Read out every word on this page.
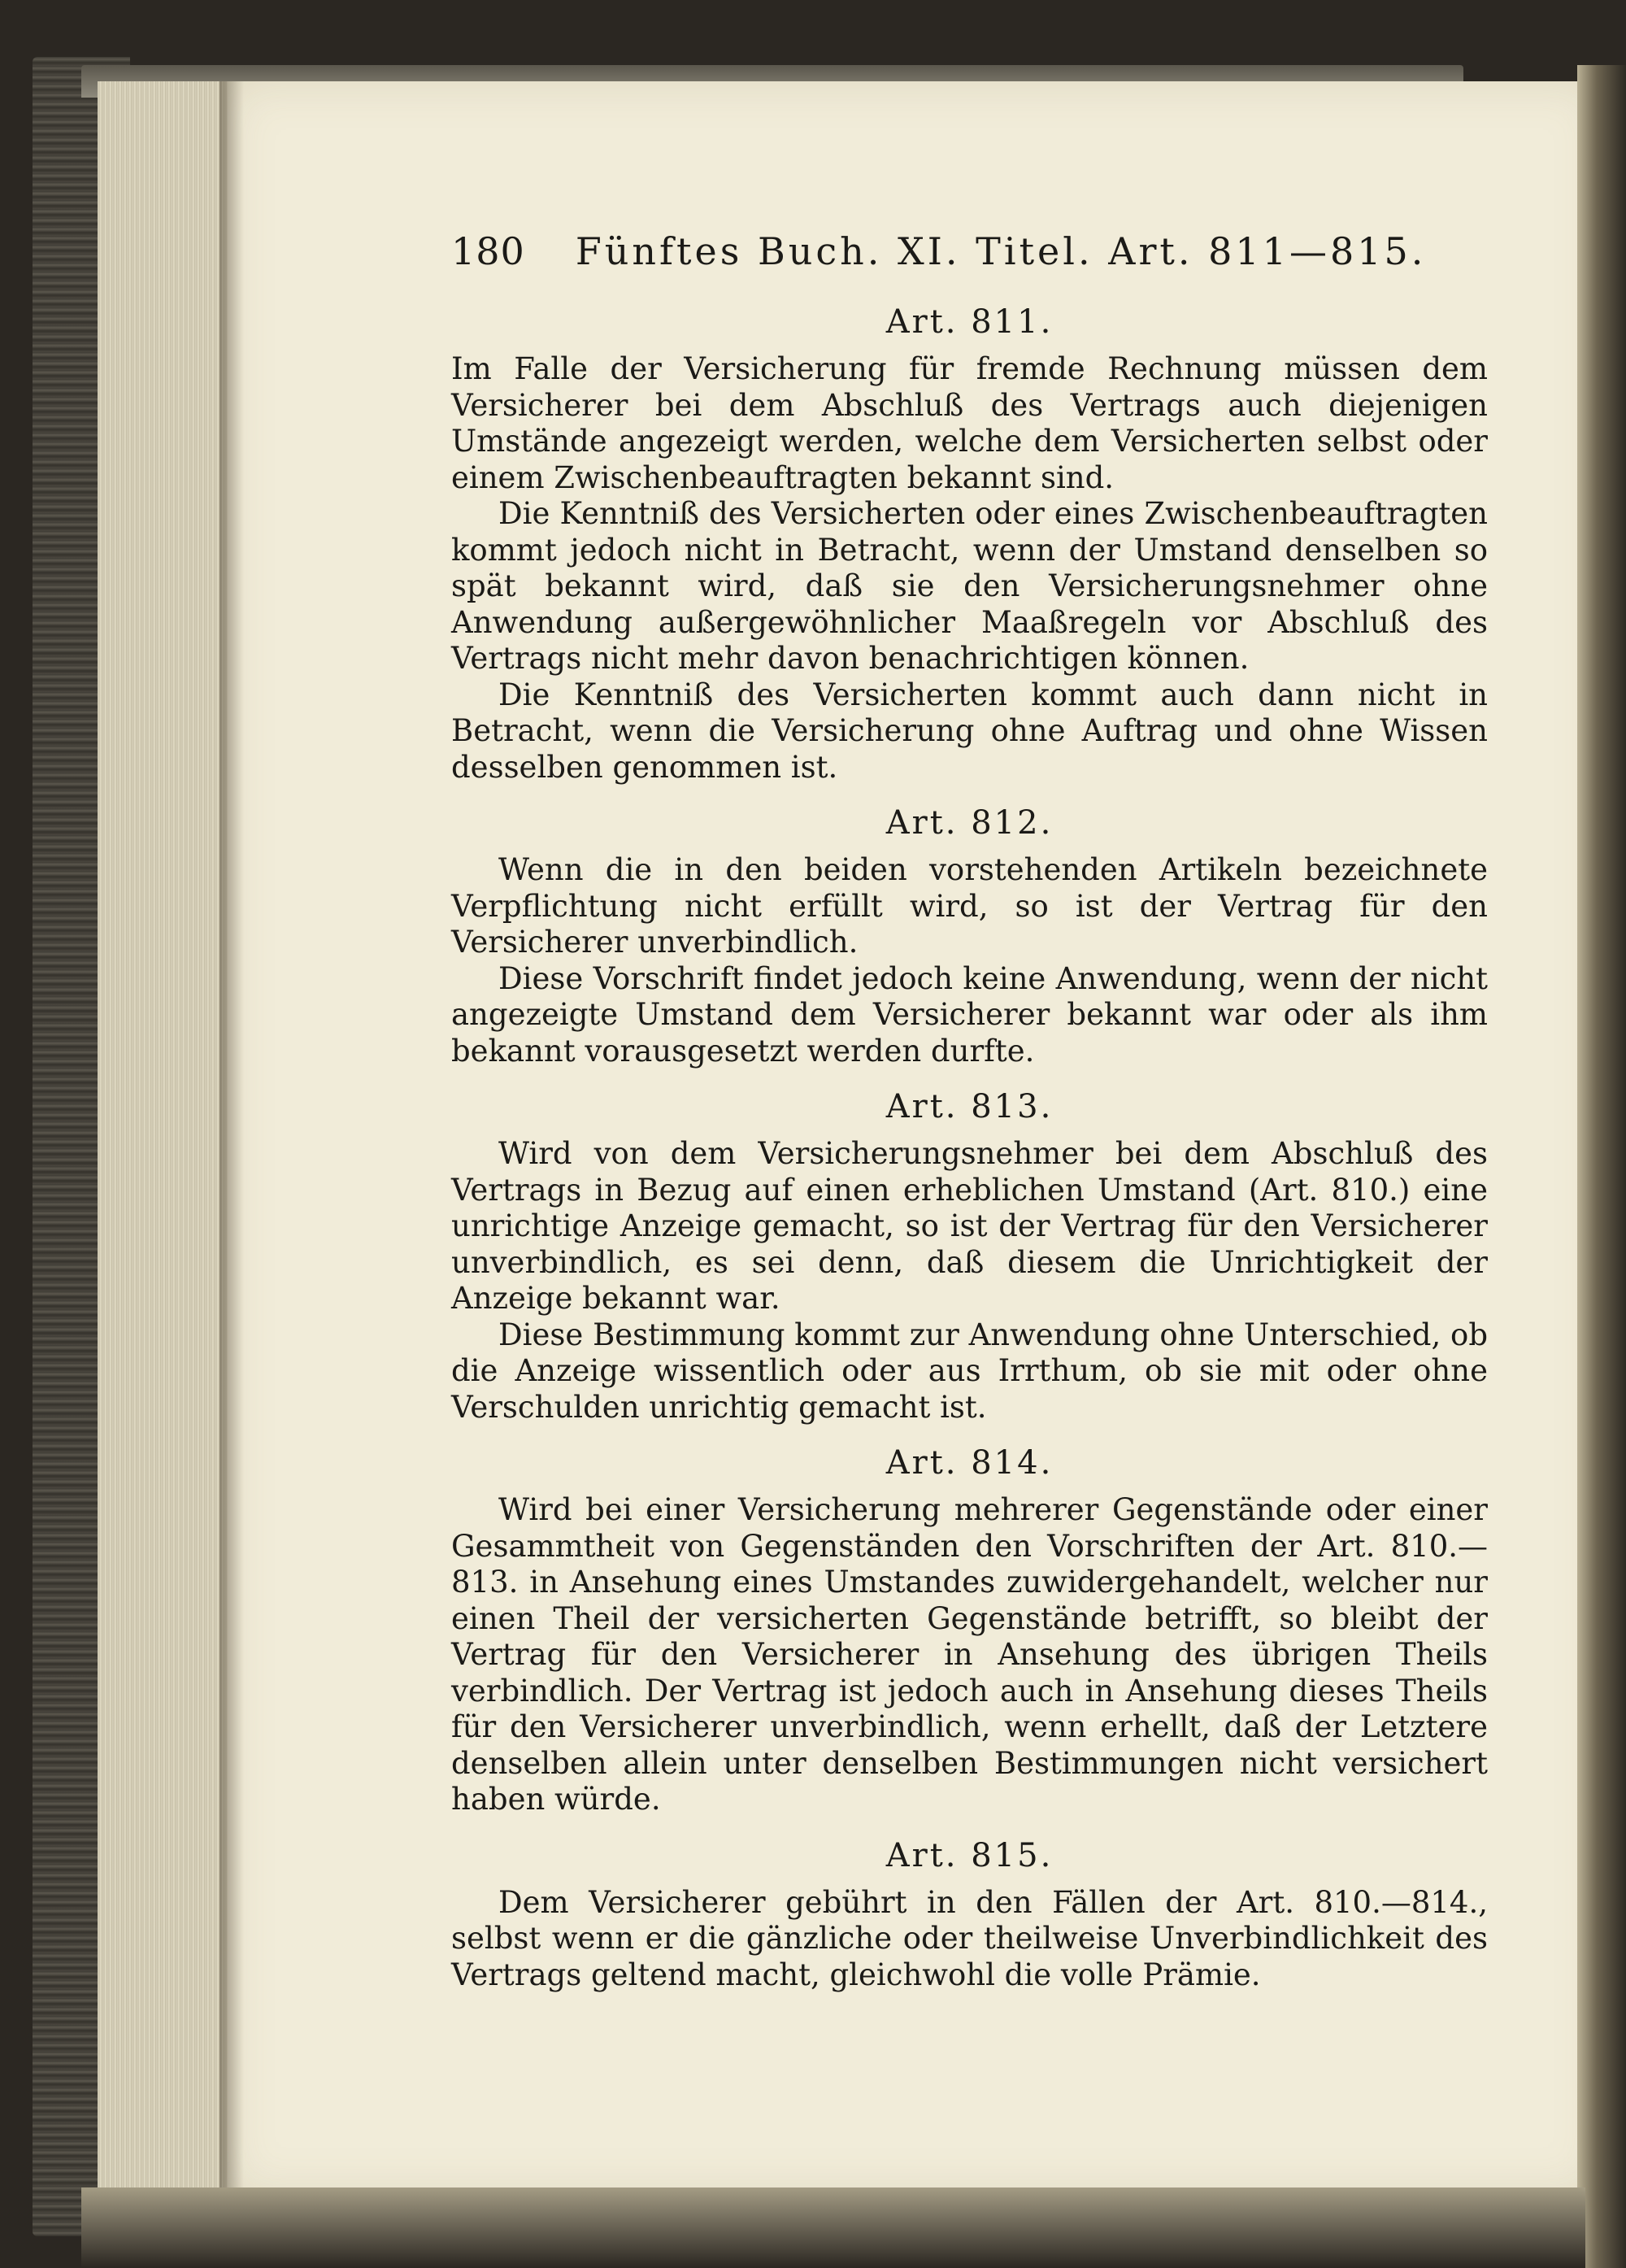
180 Fünftes Buch. XI. Titel. Art. 811—815.
Art. 811.

Im Falle der Versicherung für fremde Rechnung müssen dem Versicherer bei dem Abschluß des Vertrags auch diejenigen Umstände angezeigt werden, welche dem Versicherten selbst oder einem Zwischenbeauftragten bekannt sind.

Die Kenntniß des Versicherten oder eines Zwischenbeauftragten kommt jedoch nicht in Betracht, wenn der Umstand denselben so spät bekannt wird, daß sie den Versicherungsnehmer ohne Anwendung außergewöhnlicher Maaßregeln vor Abschluß des Vertrags nicht mehr davon benachrichtigen können.

Die Kenntniß des Versicherten kommt auch dann nicht in Betracht, wenn die Versicherung ohne Auftrag und ohne Wissen desselben genommen ist.

Art. 812.

Wenn die in den beiden vorstehenden Artikeln bezeichnete Verpflichtung nicht erfüllt wird, so ist der Vertrag für den Versicherer unverbindlich.

Diese Vorschrift findet jedoch keine Anwendung, wenn der nicht angezeigte Umstand dem Versicherer bekannt war oder als ihm bekannt vorausgesetzt werden durfte.

Art. 813.

Wird von dem Versicherungsnehmer bei dem Abschluß des Vertrags in Bezug auf einen erheblichen Umstand (Art. 810.) eine unrichtige Anzeige gemacht, so ist der Vertrag für den Versicherer unverbindlich, es sei denn, daß diesem die Unrichtigkeit der Anzeige bekannt war.

Diese Bestimmung kommt zur Anwendung ohne Unterschied, ob die Anzeige wissentlich oder aus Irrthum, ob sie mit oder ohne Verschulden unrichtig gemacht ist.

Art. 814.

Wird bei einer Versicherung mehrerer Gegenstände oder einer Gesammtheit von Gegenständen den Vorschriften der Art. 810.—813. in Ansehung eines Umstandes zuwidergehandelt, welcher nur einen Theil der versicherten Gegenstände betrifft, so bleibt der Vertrag für den Versicherer in Ansehung des übrigen Theils verbindlich. Der Vertrag ist jedoch auch in Ansehung dieses Theils für den Versicherer unverbindlich, wenn erhellt, daß der Letztere denselben allein unter denselben Bestimmungen nicht versichert haben würde.

Art. 815.

Dem Versicherer gebührt in den Fällen der Art. 810.—814., selbst wenn er die gänzliche oder theilweise Unverbindlichkeit des Vertrags geltend macht, gleichwohl die volle Prämie.
